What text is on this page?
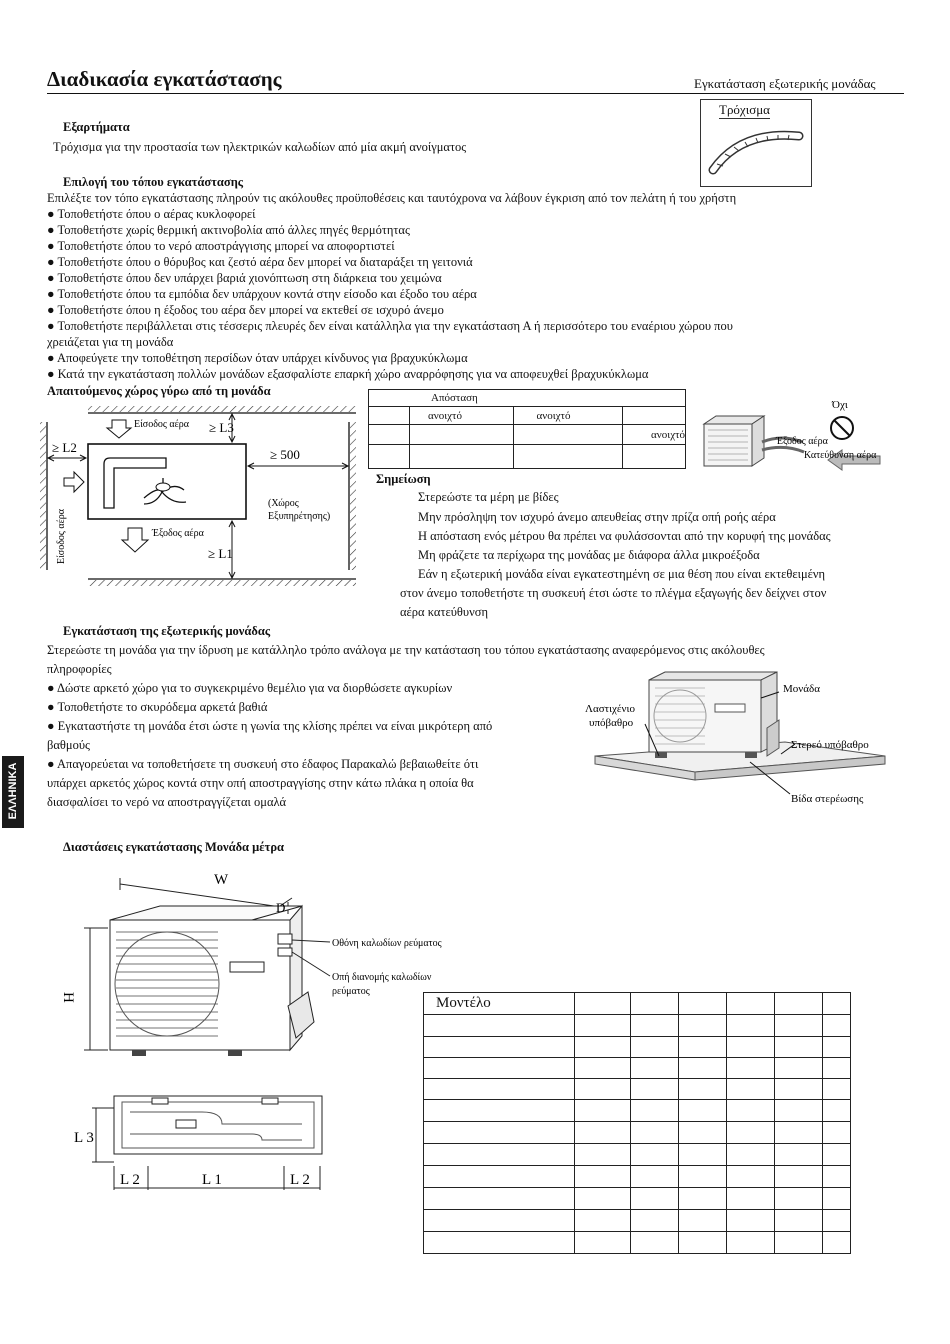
Διαδικασία εγκατάστασης	Εγκατάσταση εξωτερικής μονάδας
Εξαρτήματα
Τρόχισμα για την προστασία των ηλεκτρικών καλωδίων από μία ακμή ανοίγματος
Τρόχισμα
Επιλογή του τόπου εγκατάστασης
Επιλέξτε τον τόπο εγκατάστασης πληρούν τις ακόλουθες προϋποθέσεις και ταυτόχρονα να λάβουν έγκριση από τον πελάτη ή του χρήστη
● Τοποθετήστε όπου ο αέρας κυκλοφορεί
● Τοποθετήστε χωρίς θερμική ακτινοβολία από άλλες πηγές θερμότητας
● Τοποθετήστε όπου το νερό αποστράγγισης μπορεί να αποφορτιστεί
● Τοποθετήστε όπου ο θόρυβος και ζεστό αέρα δεν μπορεί να διαταράξει τη γειτονιά
● Τοποθετήστε όπου δεν υπάρχει βαριά χιονόπτωση στη διάρκεια του χειμώνα
● Τοποθετήστε όπου τα εμπόδια δεν υπάρχουν κοντά στην είσοδο και έξοδο του αέρα
● Τοποθετήστε όπου η έξοδος του αέρα δεν μπορεί να εκτεθεί σε ισχυρό άνεμο
● Τοποθετήστε περιβάλλεται στις τέσσερις πλευρές δεν είναι κατάλληλα για την εγκατάσταση Α ή περισσότερο του εναέριου χώρου που
χρειάζεται για τη μονάδα
● Αποφεύγετε την τοποθέτηση περσίδων όταν υπάρχει κίνδυνος για βραχυκύκλωμα
● Κατά την εγκατάσταση πολλών μονάδων εξασφαλίστε επαρκή χώρο αναρρόφησης για να αποφευχθεί βραχυκύκλωμα
Απαιτούμενος χώρος γύρω από τη μονάδα
Είσοδος αέρα ≥ L3
≥ L2	≥ 500
Είσοδος αέρα	Έξοδος αέρα
(Χώρος
Εξυπηρέτησης)
≥ L1
Απόσταση			
	ανοιχτό	ανοιχτό	
			ανοιχτό

Όχι
Έξοδος αέρα
Κατεύθυνση αέρα
Σημείωση
Στερεώστε τα μέρη με βίδες
Μην πρόσληψη τον ισχυρό άνεμο απευθείας στην πρίζα οπή ροής αέρα
Η απόσταση ενός μέτρου θα πρέπει να φυλάσσονται από την κορυφή της μονάδας
Μη φράζετε τα περίχωρα της μονάδας με διάφορα άλλα μικροέξοδα
Εάν η εξωτερική μονάδα είναι εγκατεστημένη σε μια θέση που είναι εκτεθειμένη
στον άνεμο τοποθετήστε τη συσκευή έτσι ώστε το πλέγμα εξαγωγής δεν δείχνει στον
αέρα κατεύθυνση
Εγκατάσταση της εξωτερικής μονάδας
Στερεώστε τη μονάδα για την ίδρυση με κατάλληλο τρόπο ανάλογα με την κατάσταση του τόπου εγκατάστασης αναφερόμενος στις ακόλουθες
πληροφορίες
● Δώστε αρκετό χώρο για το συγκεκριμένο θεμέλιο για να διορθώσετε αγκυρίων
● Τοποθετήστε το σκυρόδεμα αρκετά βαθιά
● Εγκαταστήστε τη μονάδα έτσι ώστε η γωνία της κλίσης πρέπει να είναι μικρότερη από
βαθμούς
● Απαγορεύεται να τοποθετήσετε τη συσκευή στο έδαφος Παρακαλώ βεβαιωθείτε ότι
υπάρχει αρκετός χώρος κοντά στην οπή αποστραγγίσης στην κάτω πλάκα η οποία θα
διασφαλίσει το νερό να αποστραγγίζεται ομαλά
Λαστιχένιο
υπόβαθρο
Μονάδα
Στερεό υπόβαθρο
Βίδα στερέωσης
ΕΛΛΗΝΙΚΑ
Διαστάσεις εγκατάστασης Μονάδα μέτρα
W
D
H
Οθόνη καλωδίων ρεύματος
Οπή διανομής καλωδίων
ρεύματος
L 3
L 2	L 1	L 2
Μοντέλο						
